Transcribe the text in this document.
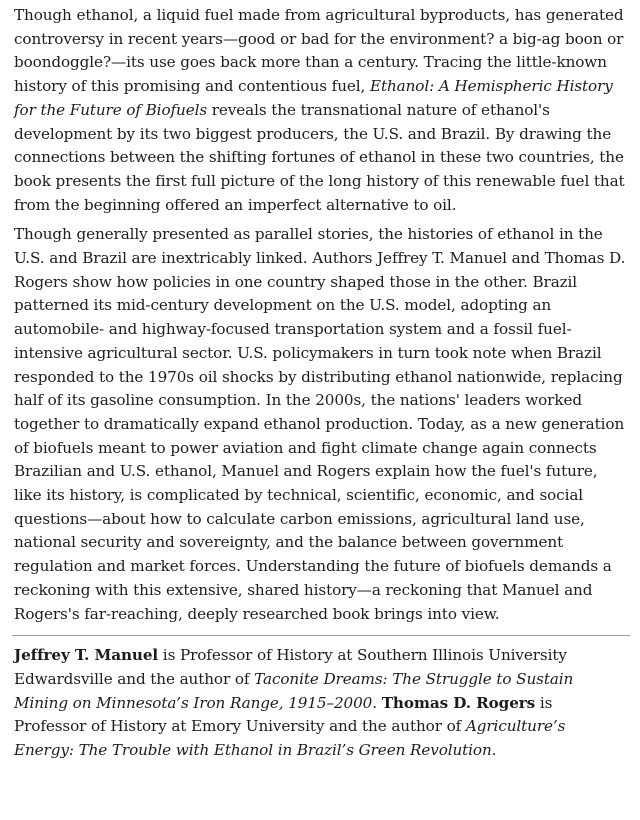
Though ethanol, a liquid fuel made from agricultural byproducts, has generated controversy in recent years—good or bad for the environment? a big-ag boon or boondoggle?—its use goes back more than a century. Tracing the little-known history of this promising and contentious fuel, Ethanol: A Hemispheric History for the Future of Biofuels reveals the transnational nature of ethanol's development by its two biggest producers, the U.S. and Brazil. By drawing the connections between the shifting fortunes of ethanol in these two countries, the book presents the first full picture of the long history of this renewable fuel that from the beginning offered an imperfect alternative to oil.

Though generally presented as parallel stories, the histories of ethanol in the U.S. and Brazil are inextricably linked. Authors Jeffrey T. Manuel and Thomas D. Rogers show how policies in one country shaped those in the other. Brazil patterned its mid-century development on the U.S. model, adopting an automobile- and highway-focused transportation system and a fossil fuel-intensive agricultural sector. U.S. policymakers in turn took note when Brazil responded to the 1970s oil shocks by distributing ethanol nationwide, replacing half of its gasoline consumption. In the 2000s, the nations' leaders worked together to dramatically expand ethanol production. Today, as a new generation of biofuels meant to power aviation and fight climate change again connects Brazilian and U.S. ethanol, Manuel and Rogers explain how the fuel's future, like its history, is complicated by technical, scientific, economic, and social questions—about how to calculate carbon emissions, agricultural land use, national security and sovereignty, and the balance between government regulation and market forces. Understanding the future of biofuels demands a reckoning with this extensive, shared history—a reckoning that Manuel and Rogers's far-reaching, deeply researched book brings into view.

Jeffrey T. Manuel is Professor of History at Southern Illinois University Edwardsville and the author of Taconite Dreams: The Struggle to Sustain Mining on Minnesota’s Iron Range, 1915–2000. Thomas D. Rogers is Professor of History at Emory University and the author of Agriculture’s Energy: The Trouble with Ethanol in Brazil’s Green Revolution.
